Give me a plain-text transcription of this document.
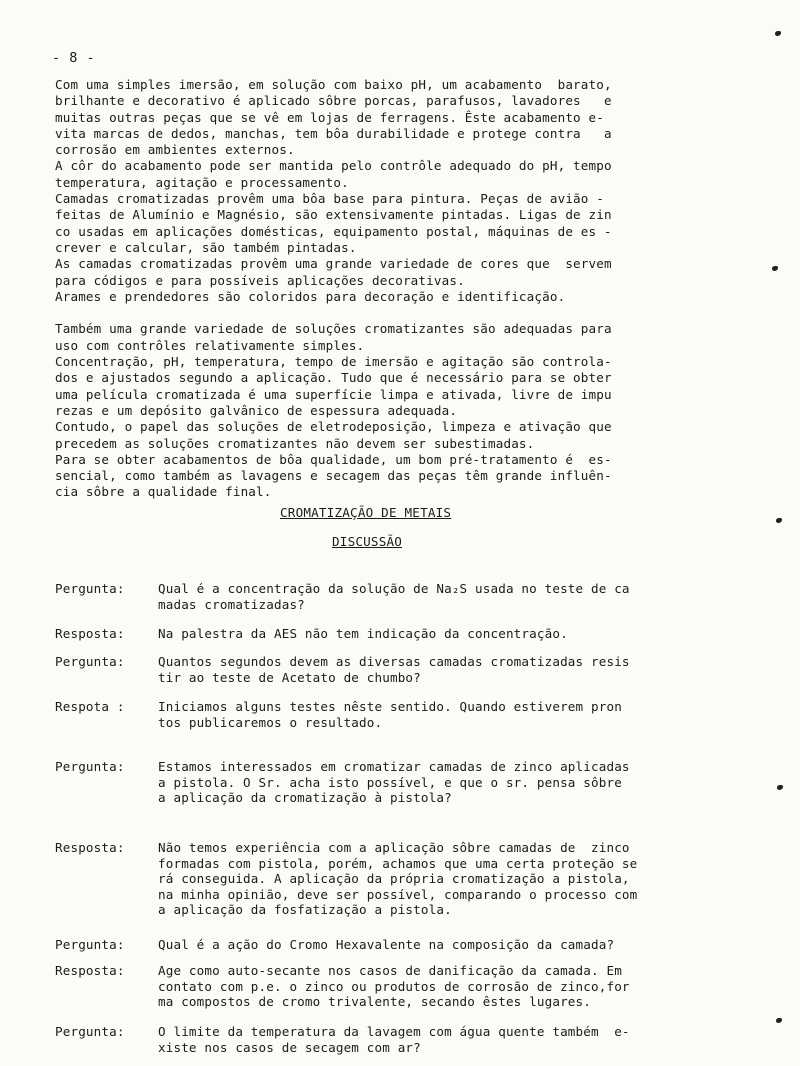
- 8 -
Com uma simples imersão, em solução com baixo pH, um acabamento  barato,
brilhante e decorativo é aplicado sôbre porcas, parafusos, lavadores   e
muitas outras peças que se vê em lojas de ferragens. Êste acabamento e-
vita marcas de dedos, manchas, tem bôa durabilidade e protege contra   a
corrosão em ambientes externos.
A côr do acabamento pode ser mantida pelo contrôle adequado do pH, tempo
temperatura, agitação e processamento.
Camadas cromatizadas provêm uma bôa base para pintura. Peças de avião -
feitas de Alumínio e Magnésio, são extensivamente pintadas. Ligas de zin
co usadas em aplicações domésticas, equipamento postal, máquinas de es -
crever e calcular, são também pintadas.
As camadas cromatizadas provêm uma grande variedade de cores que  servem
para códigos e para possíveis aplicações decorativas.
Arames e prendedores são coloridos para decoração e identificação.
Também uma grande variedade de soluções cromatizantes são adequadas para
uso com contrôles relativamente simples.
Concentração, pH, temperatura, tempo de imersão e agitação são controla-
dos e ajustados segundo a aplicação. Tudo que é necessário para se obter
uma película cromatizada é uma superfície limpa e ativada, livre de impu
rezas e um depósito galvânico de espessura adequada.
Contudo, o papel das soluções de eletrodeposição, limpeza e ativação que
precedem as soluções cromatizantes não devem ser subestimadas.
Para se obter acabamentos de bôa qualidade, um bom pré-tratamento é  es-
sencial, como também as lavagens e secagem das peças têm grande influên-
cia sôbre a qualidade final.
CROMATIZAÇÃO DE METAIS
DISCUSSÃO
Pergunta:	Qual é a concentração da solução de Na₂S usada no teste de ca
madas cromatizadas?
Resposta:	Na palestra da AES não tem indicação da concentração.
Pergunta:	Quantos segundos devem as diversas camadas cromatizadas resis
tir ao teste de Acetato de chumbo?
Respota :	Iniciamos alguns testes nêste sentido. Quando estiverem pron
tos publicaremos o resultado.
Pergunta:	Estamos interessados em cromatizar camadas de zinco aplicadas
a pistola. O Sr. acha isto possível, e que o sr. pensa sôbre
a aplicação da cromatização à pistola?
Resposta:	Não temos experiência com a aplicação sôbre camadas de  zinco
formadas com pistola, porém, achamos que uma certa proteção se
rá conseguida. A aplicação da própria cromatização a pistola,
na minha opinião, deve ser possível, comparando o processo com
a aplicação da fosfatização a pistola.
Pergunta:	Qual é a ação do Cromo Hexavalente na composição da camada?
Resposta:	Age como auto-secante nos casos de danificação da camada. Em
contato com p.e. o zinco ou produtos de corrosão de zinco,for
ma compostos de cromo trivalente, secando êstes lugares.
Pergunta:	O limite da temperatura da lavagem com água quente também  e-
xiste nos casos de secagem com ar?
